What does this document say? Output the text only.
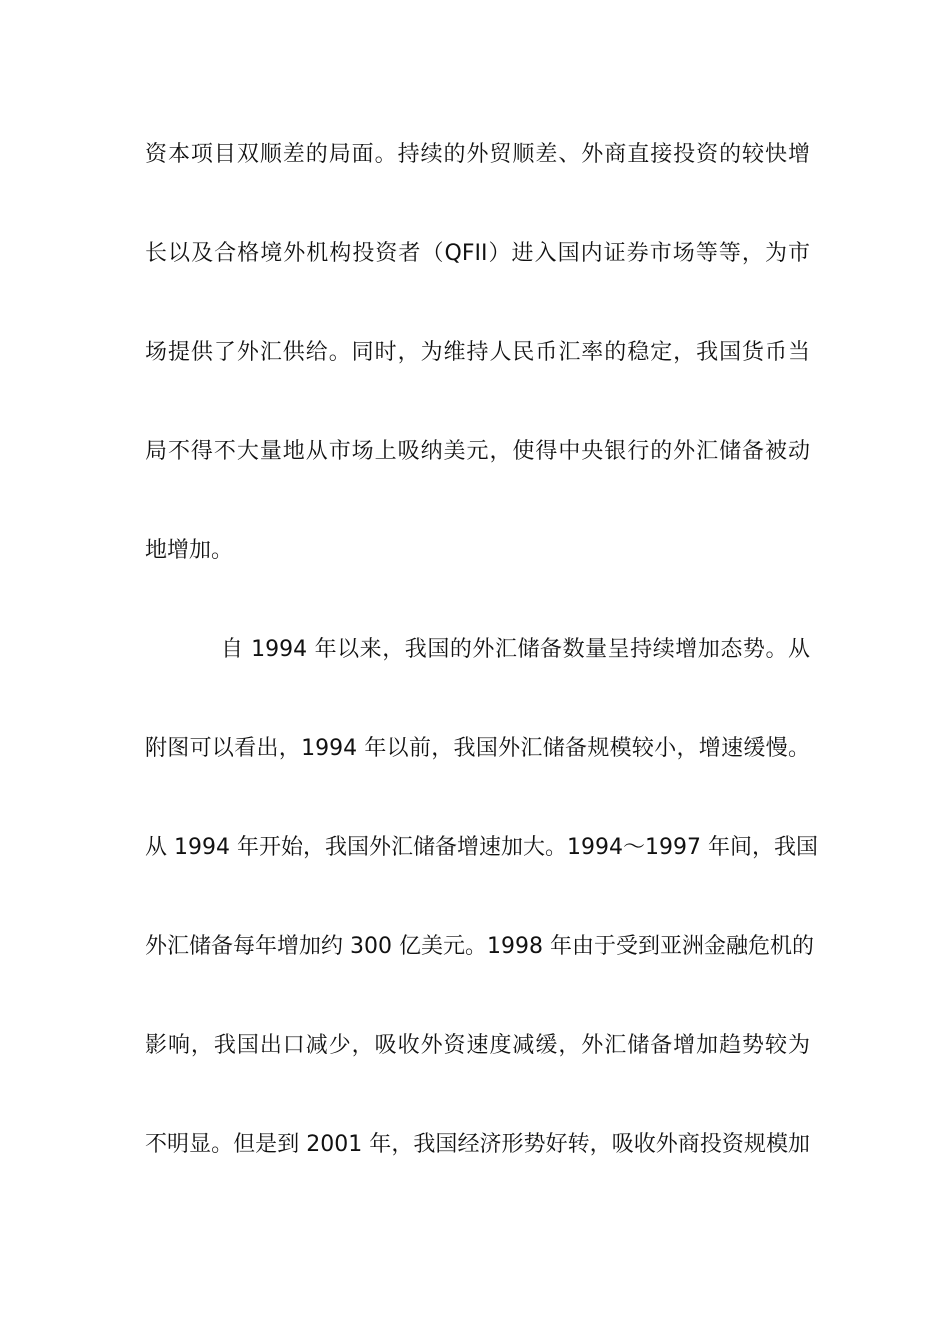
资本项目双顺差的局面。持续的外贸顺差、外商直接投资的较快增
长以及合格境外机构投资者（QFII）进入国内证券市场等等，为市
场提供了外汇供给。同时，为维持人民币汇率的稳定，我国货币当
局不得不大量地从市场上吸纳美元，使得中央银行的外汇储备被动
地增加。
自 1994 年以来，我国的外汇储备数量呈持续增加态势。从
附图可以看出，1994 年以前，我国外汇储备规模较小，增速缓慢。
从 1994 年开始，我国外汇储备增速加大。1994～1997 年间，我国
外汇储备每年增加约 300 亿美元。1998 年由于受到亚洲金融危机的
影响，我国出口减少，吸收外资速度减缓，外汇储备增加趋势较为
不明显。但是到 2001 年，我国经济形势好转，吸收外商投资规模加
